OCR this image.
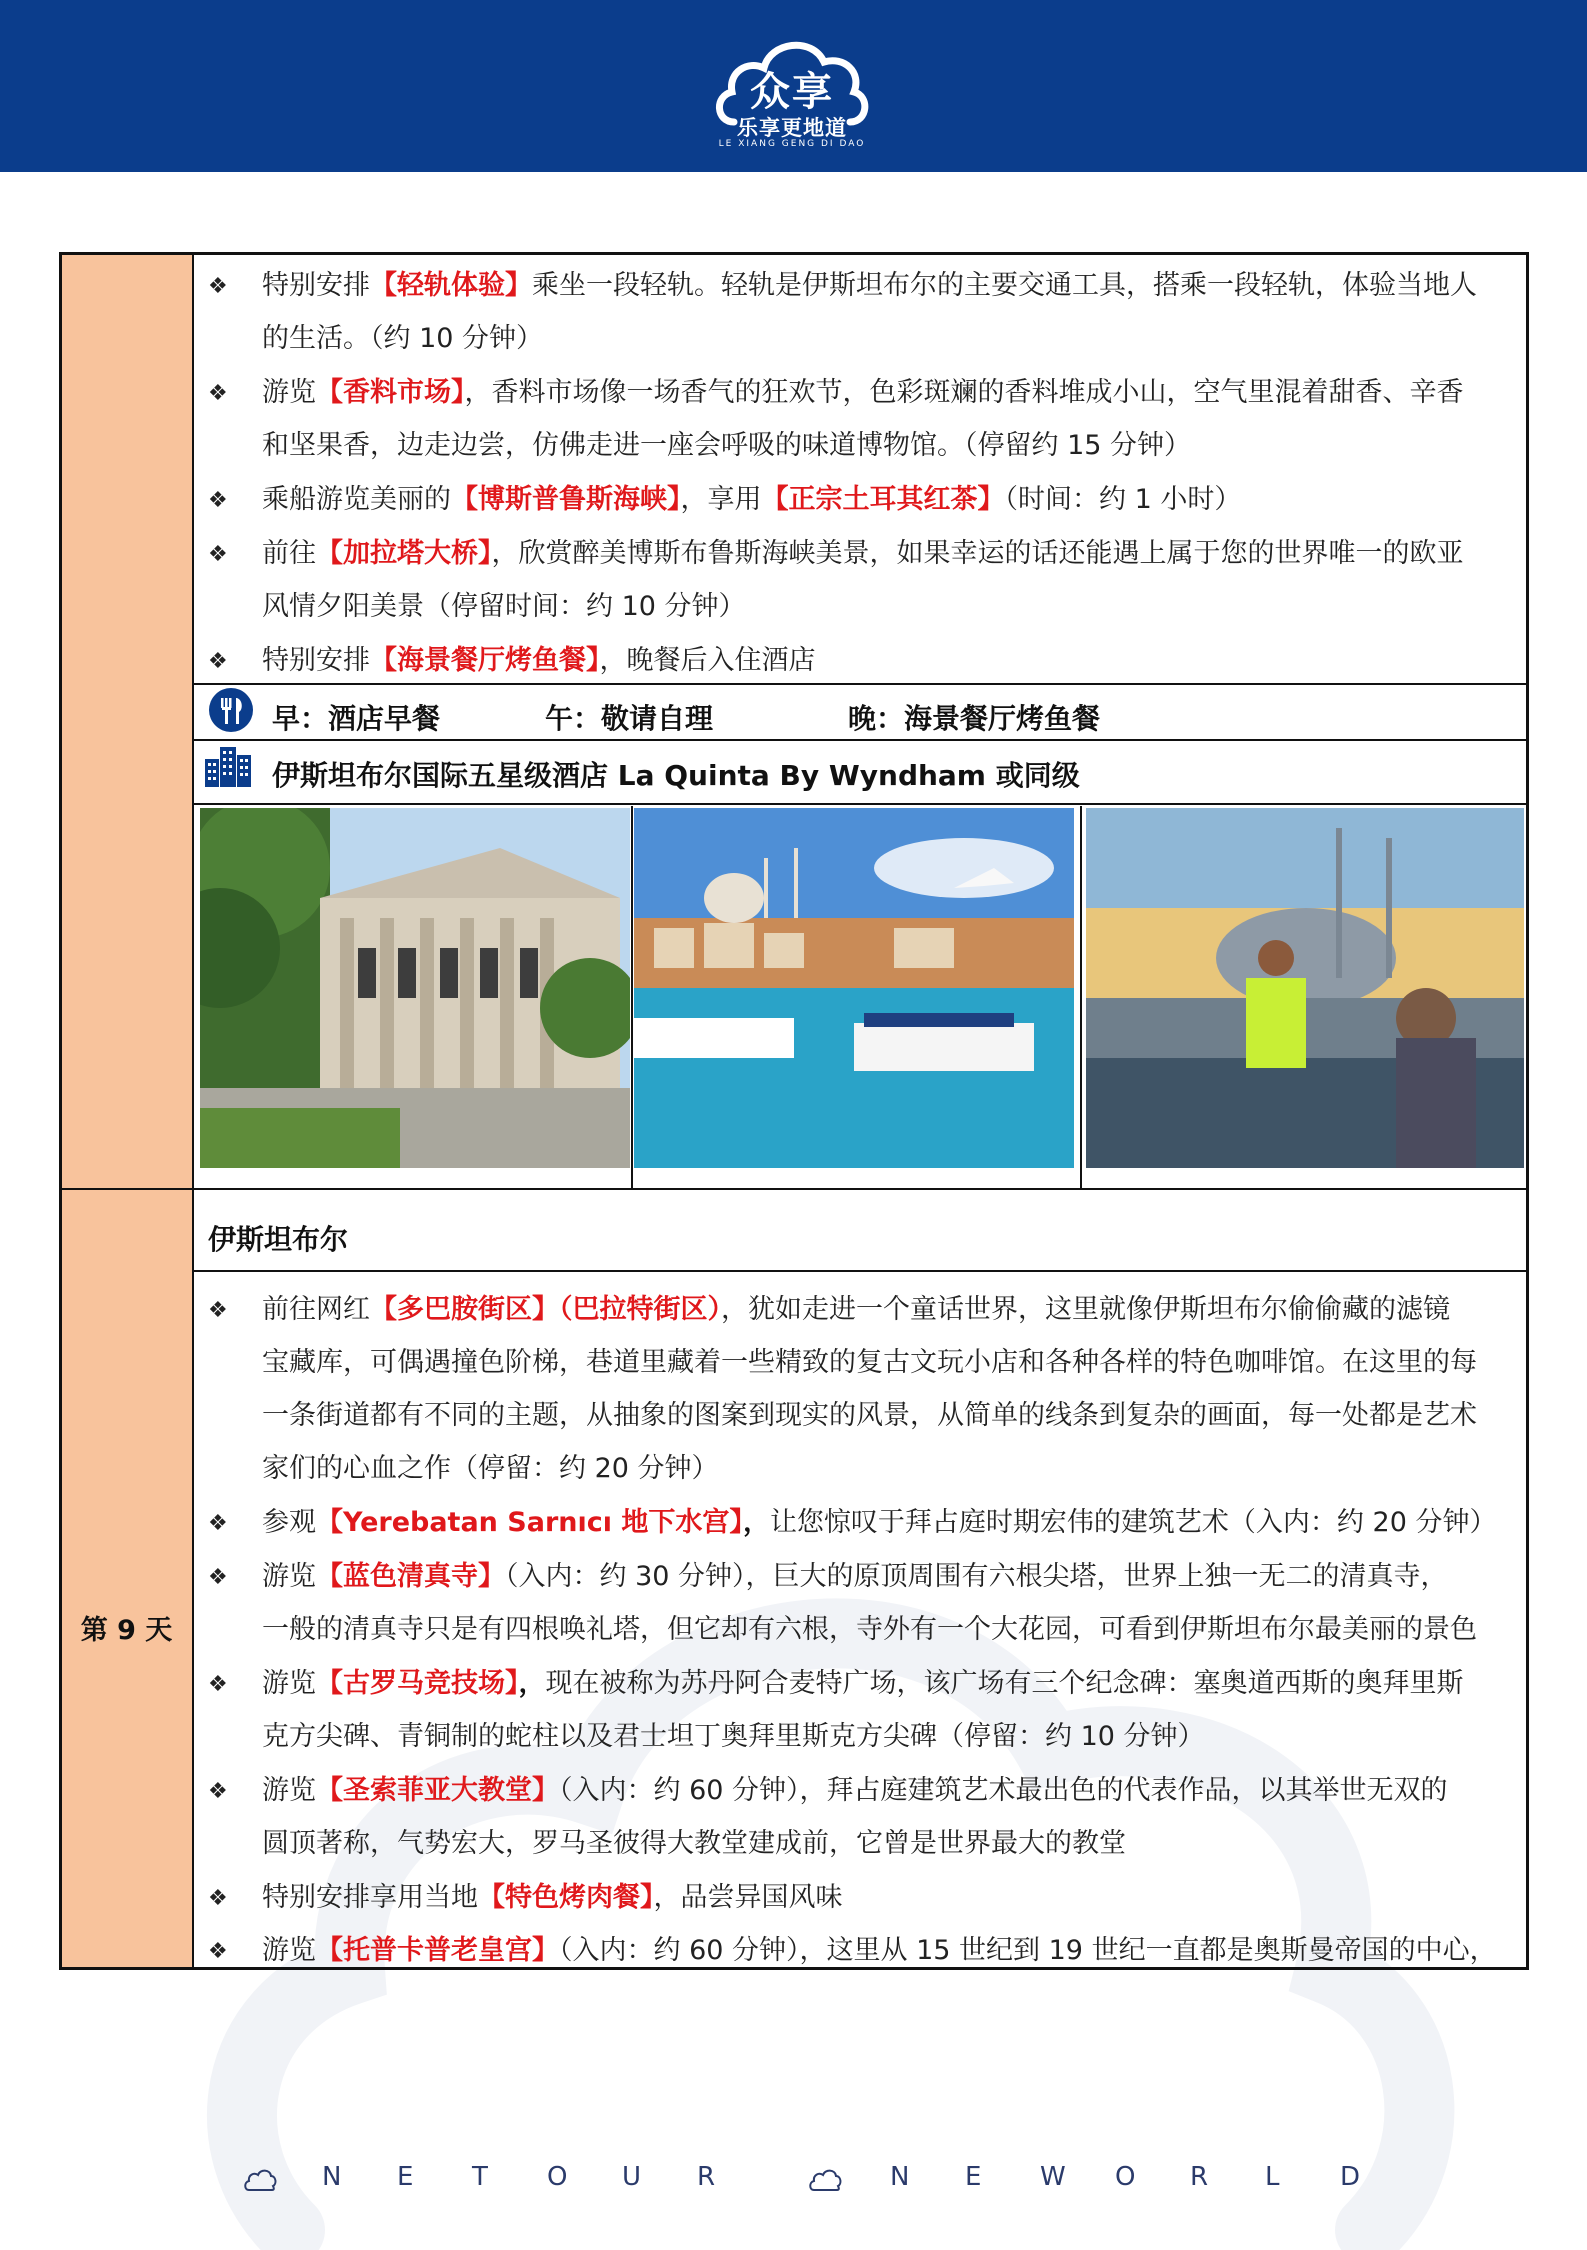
众享
乐享更地道
LE XIANG GENG DI DAO
第 9 天
❖ 特别安排【轻轨体验】乘坐一段轻轨。轻轨是伊斯坦布尔的主要交通工具，搭乘一段轻轨，体验当地人
的生活。（约 10 分钟）
❖ 游览【香料市场】，香料市场像一场香气的狂欢节，色彩斑斓的香料堆成小山，空气里混着甜香、辛香
和坚果香，边走边尝，仿佛走进一座会呼吸的味道博物馆。（停留约 15 分钟）
❖ 乘船游览美丽的【博斯普鲁斯海峡】，享用【正宗土耳其红茶】（时间：约 1 小时）
❖ 前往【加拉塔大桥】，欣赏醉美博斯布鲁斯海峡美景，如果幸运的话还能遇上属于您的世界唯一的欧亚
风情夕阳美景（停留时间：约 10 分钟）
❖ 特别安排【海景餐厅烤鱼餐】，晚餐后入住酒店
早：酒店早餐	午：敬请自理	晚：海景餐厅烤鱼餐
伊斯坦布尔国际五星级酒店 La Quinta By Wyndham 或同级
伊斯坦布尔
❖ 前往网红【多巴胺街区】（巴拉特街区），犹如走进一个童话世界，这里就像伊斯坦布尔偷偷藏的滤镜
宝藏库，可偶遇撞色阶梯，巷道里藏着一些精致的复古文玩小店和各种各样的特色咖啡馆。在这里的每
一条街道都有不同的主题，从抽象的图案到现实的风景，从简单的线条到复杂的画面，每一处都是艺术
家们的心血之作（停留：约 20 分钟）
❖ 参观【Yerebatan Sarnıcı 地下水宫】，让您惊叹于拜占庭时期宏伟的建筑艺术（入内：约 20 分钟）
❖ 游览【蓝色清真寺】（入内：约 30 分钟），巨大的原顶周围有六根尖塔，世界上独一无二的清真寺，
一般的清真寺只是有四根唤礼塔，但它却有六根，寺外有一个大花园，可看到伊斯坦布尔最美丽的景色
❖ 游览【古罗马竞技场】，现在被称为苏丹阿合麦特广场，该广场有三个纪念碑：塞奥道西斯的奥拜里斯
克方尖碑、青铜制的蛇柱以及君士坦丁奥拜里斯克方尖碑（停留：约 10 分钟）
❖ 游览【圣索菲亚大教堂】（入内：约 60 分钟），拜占庭建筑艺术最出色的代表作品，以其举世无双的
圆顶著称，气势宏大，罗马圣彼得大教堂建成前，它曾是世界最大的教堂
❖ 特别安排享用当地【特色烤肉餐】，品尝异国风味
❖ 游览【托普卡普老皇宫】（入内：约 60 分钟），这里从 15 世纪到 19 世纪一直都是奥斯曼帝国的中心，
N E T O U R	N E W O R L D
